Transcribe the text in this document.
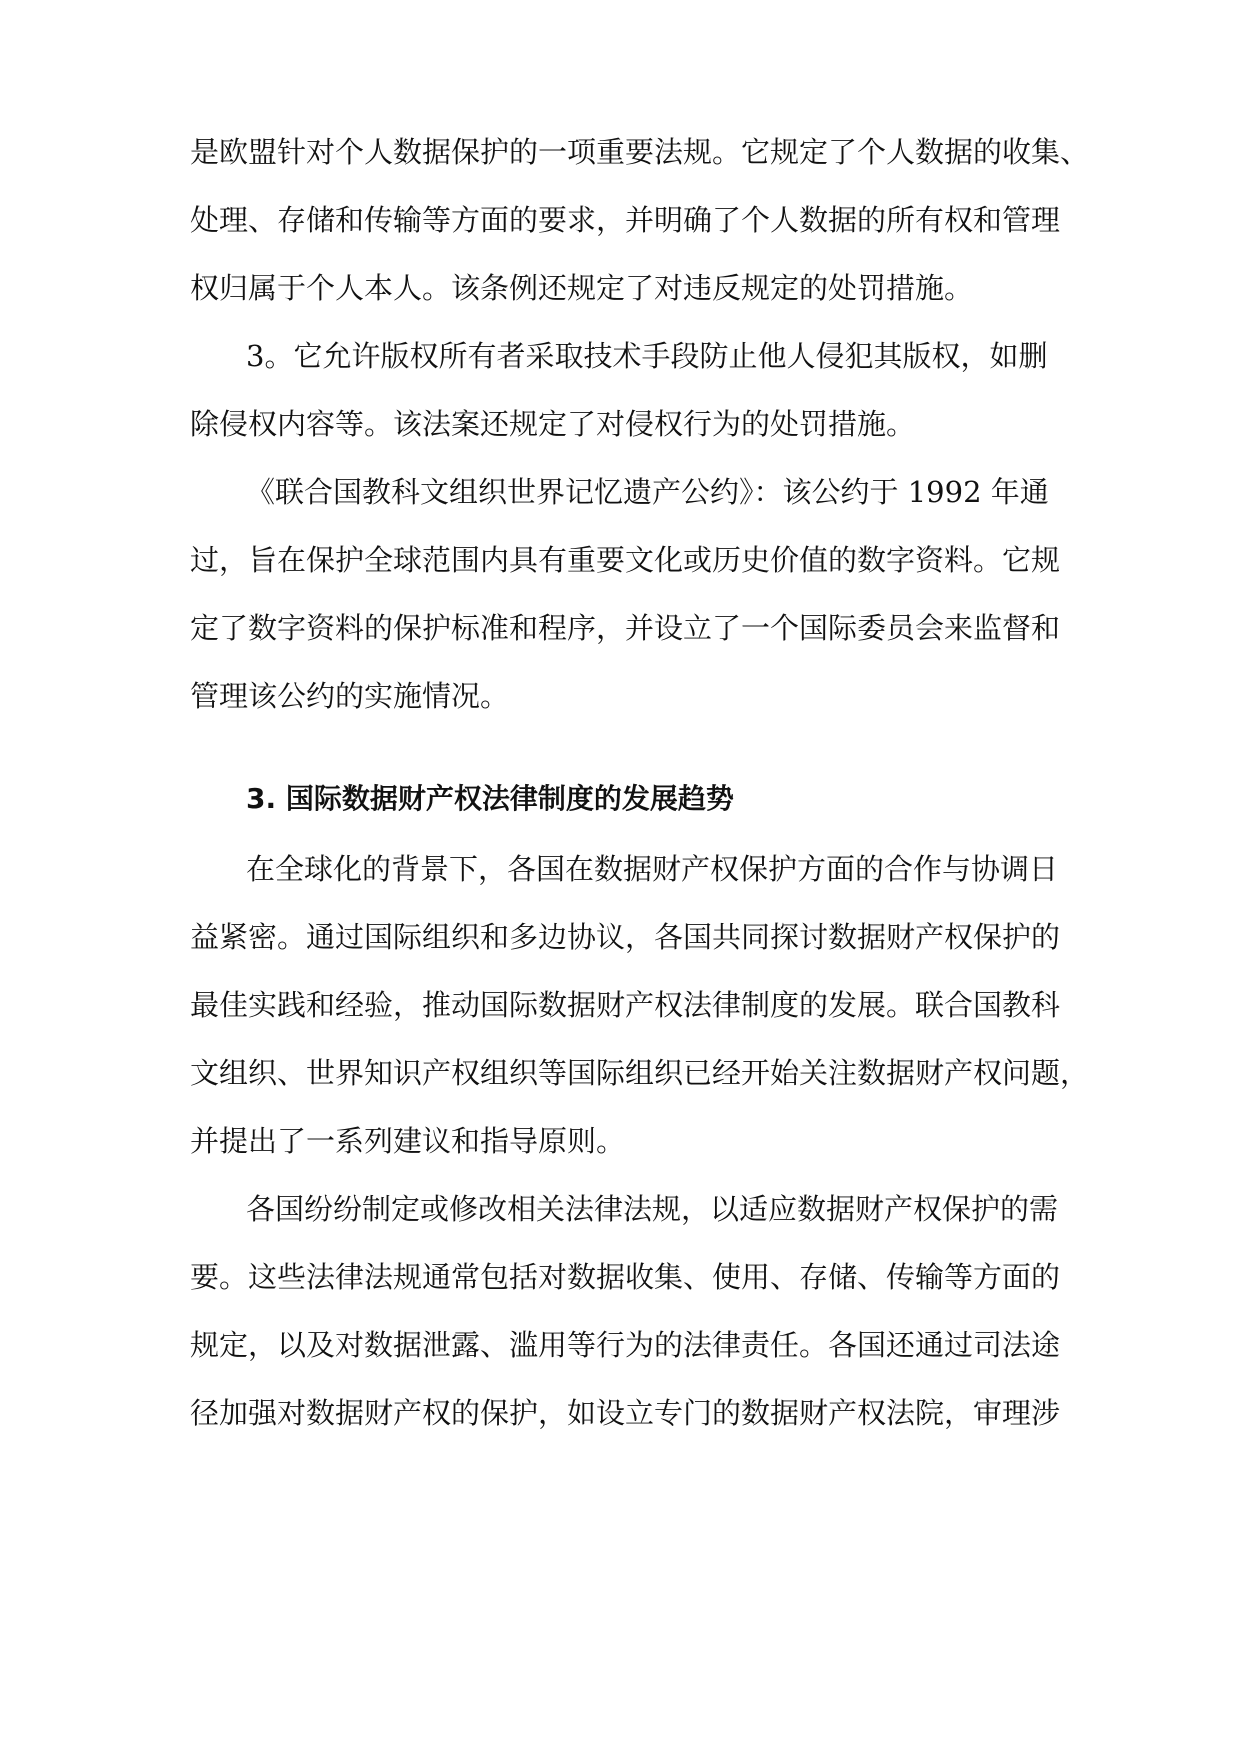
是欧盟针对个人数据保护的一项重要法规。它规定了个人数据的收集、

处理、存储和传输等方面的要求，并明确了个人数据的所有权和管理

权归属于个人本人。该条例还规定了对违反规定的处罚措施。

3。它允许版权所有者采取技术手段防止他人侵犯其版权，如删

除侵权内容等。该法案还规定了对侵权行为的处罚措施。

《联合国教科文组织世界记忆遗产公约》：该公约于 1992 年通

过，旨在保护全球范围内具有重要文化或历史价值的数字资料。它规

定了数字资料的保护标准和程序，并设立了一个国际委员会来监督和

管理该公约的实施情况。

3. 国际数据财产权法律制度的发展趋势

在全球化的背景下，各国在数据财产权保护方面的合作与协调日

益紧密。通过国际组织和多边协议，各国共同探讨数据财产权保护的

最佳实践和经验，推动国际数据财产权法律制度的发展。联合国教科

文组织、世界知识产权组织等国际组织已经开始关注数据财产权问题，

并提出了一系列建议和指导原则。

各国纷纷制定或修改相关法律法规，以适应数据财产权保护的需

要。这些法律法规通常包括对数据收集、使用、存储、传输等方面的

规定，以及对数据泄露、滥用等行为的法律责任。各国还通过司法途

径加强对数据财产权的保护，如设立专门的数据财产权法院，审理涉
